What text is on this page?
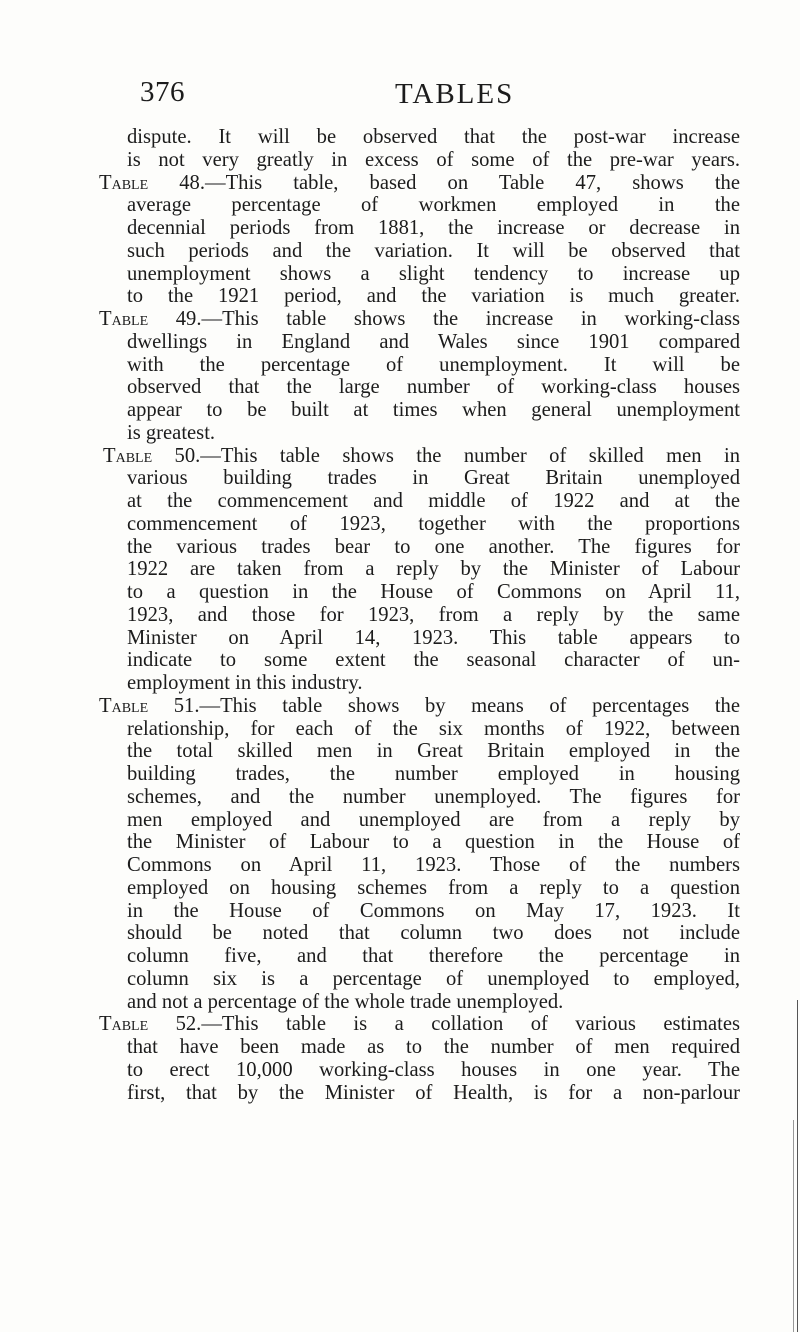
376	TABLES
dispute. It will be observed that the post-war increase
is not very greatly in excess of some of the pre-war years.
Table 48.—This table, based on Table 47, shows the
average percentage of workmen employed in the
decennial periods from 1881, the increase or decrease in
such periods and the variation. It will be observed that
unemployment shows a slight tendency to increase up
to the 1921 period, and the variation is much greater.
Table 49.—This table shows the increase in working-class
dwellings in England and Wales since 1901 compared
with the percentage of unemployment. It will be
observed that the large number of working-class houses
appear to be built at times when general unemployment
is greatest.
Table 50.—This table shows the number of skilled men in
various building trades in Great Britain unemployed
at the commencement and middle of 1922 and at the
commencement of 1923, together with the proportions
the various trades bear to one another. The figures for
1922 are taken from a reply by the Minister of Labour
to a question in the House of Commons on April 11,
1923, and those for 1923, from a reply by the same
Minister on April 14, 1923. This table appears to
indicate to some extent the seasonal character of un-
employment in this industry.
Table 51.—This table shows by means of percentages the
relationship, for each of the six months of 1922, between
the total skilled men in Great Britain employed in the
building trades, the number employed in housing
schemes, and the number unemployed. The figures for
men employed and unemployed are from a reply by
the Minister of Labour to a question in the House of
Commons on April 11, 1923. Those of the numbers
employed on housing schemes from a reply to a question
in the House of Commons on May 17, 1923. It
should be noted that column two does not include
column five, and that therefore the percentage in
column six is a percentage of unemployed to employed,
and not a percentage of the whole trade unemployed.
Table 52.—This table is a collation of various estimates
that have been made as to the number of men required
to erect 10,000 working-class houses in one year. The
first, that by the Minister of Health, is for a non-parlour
